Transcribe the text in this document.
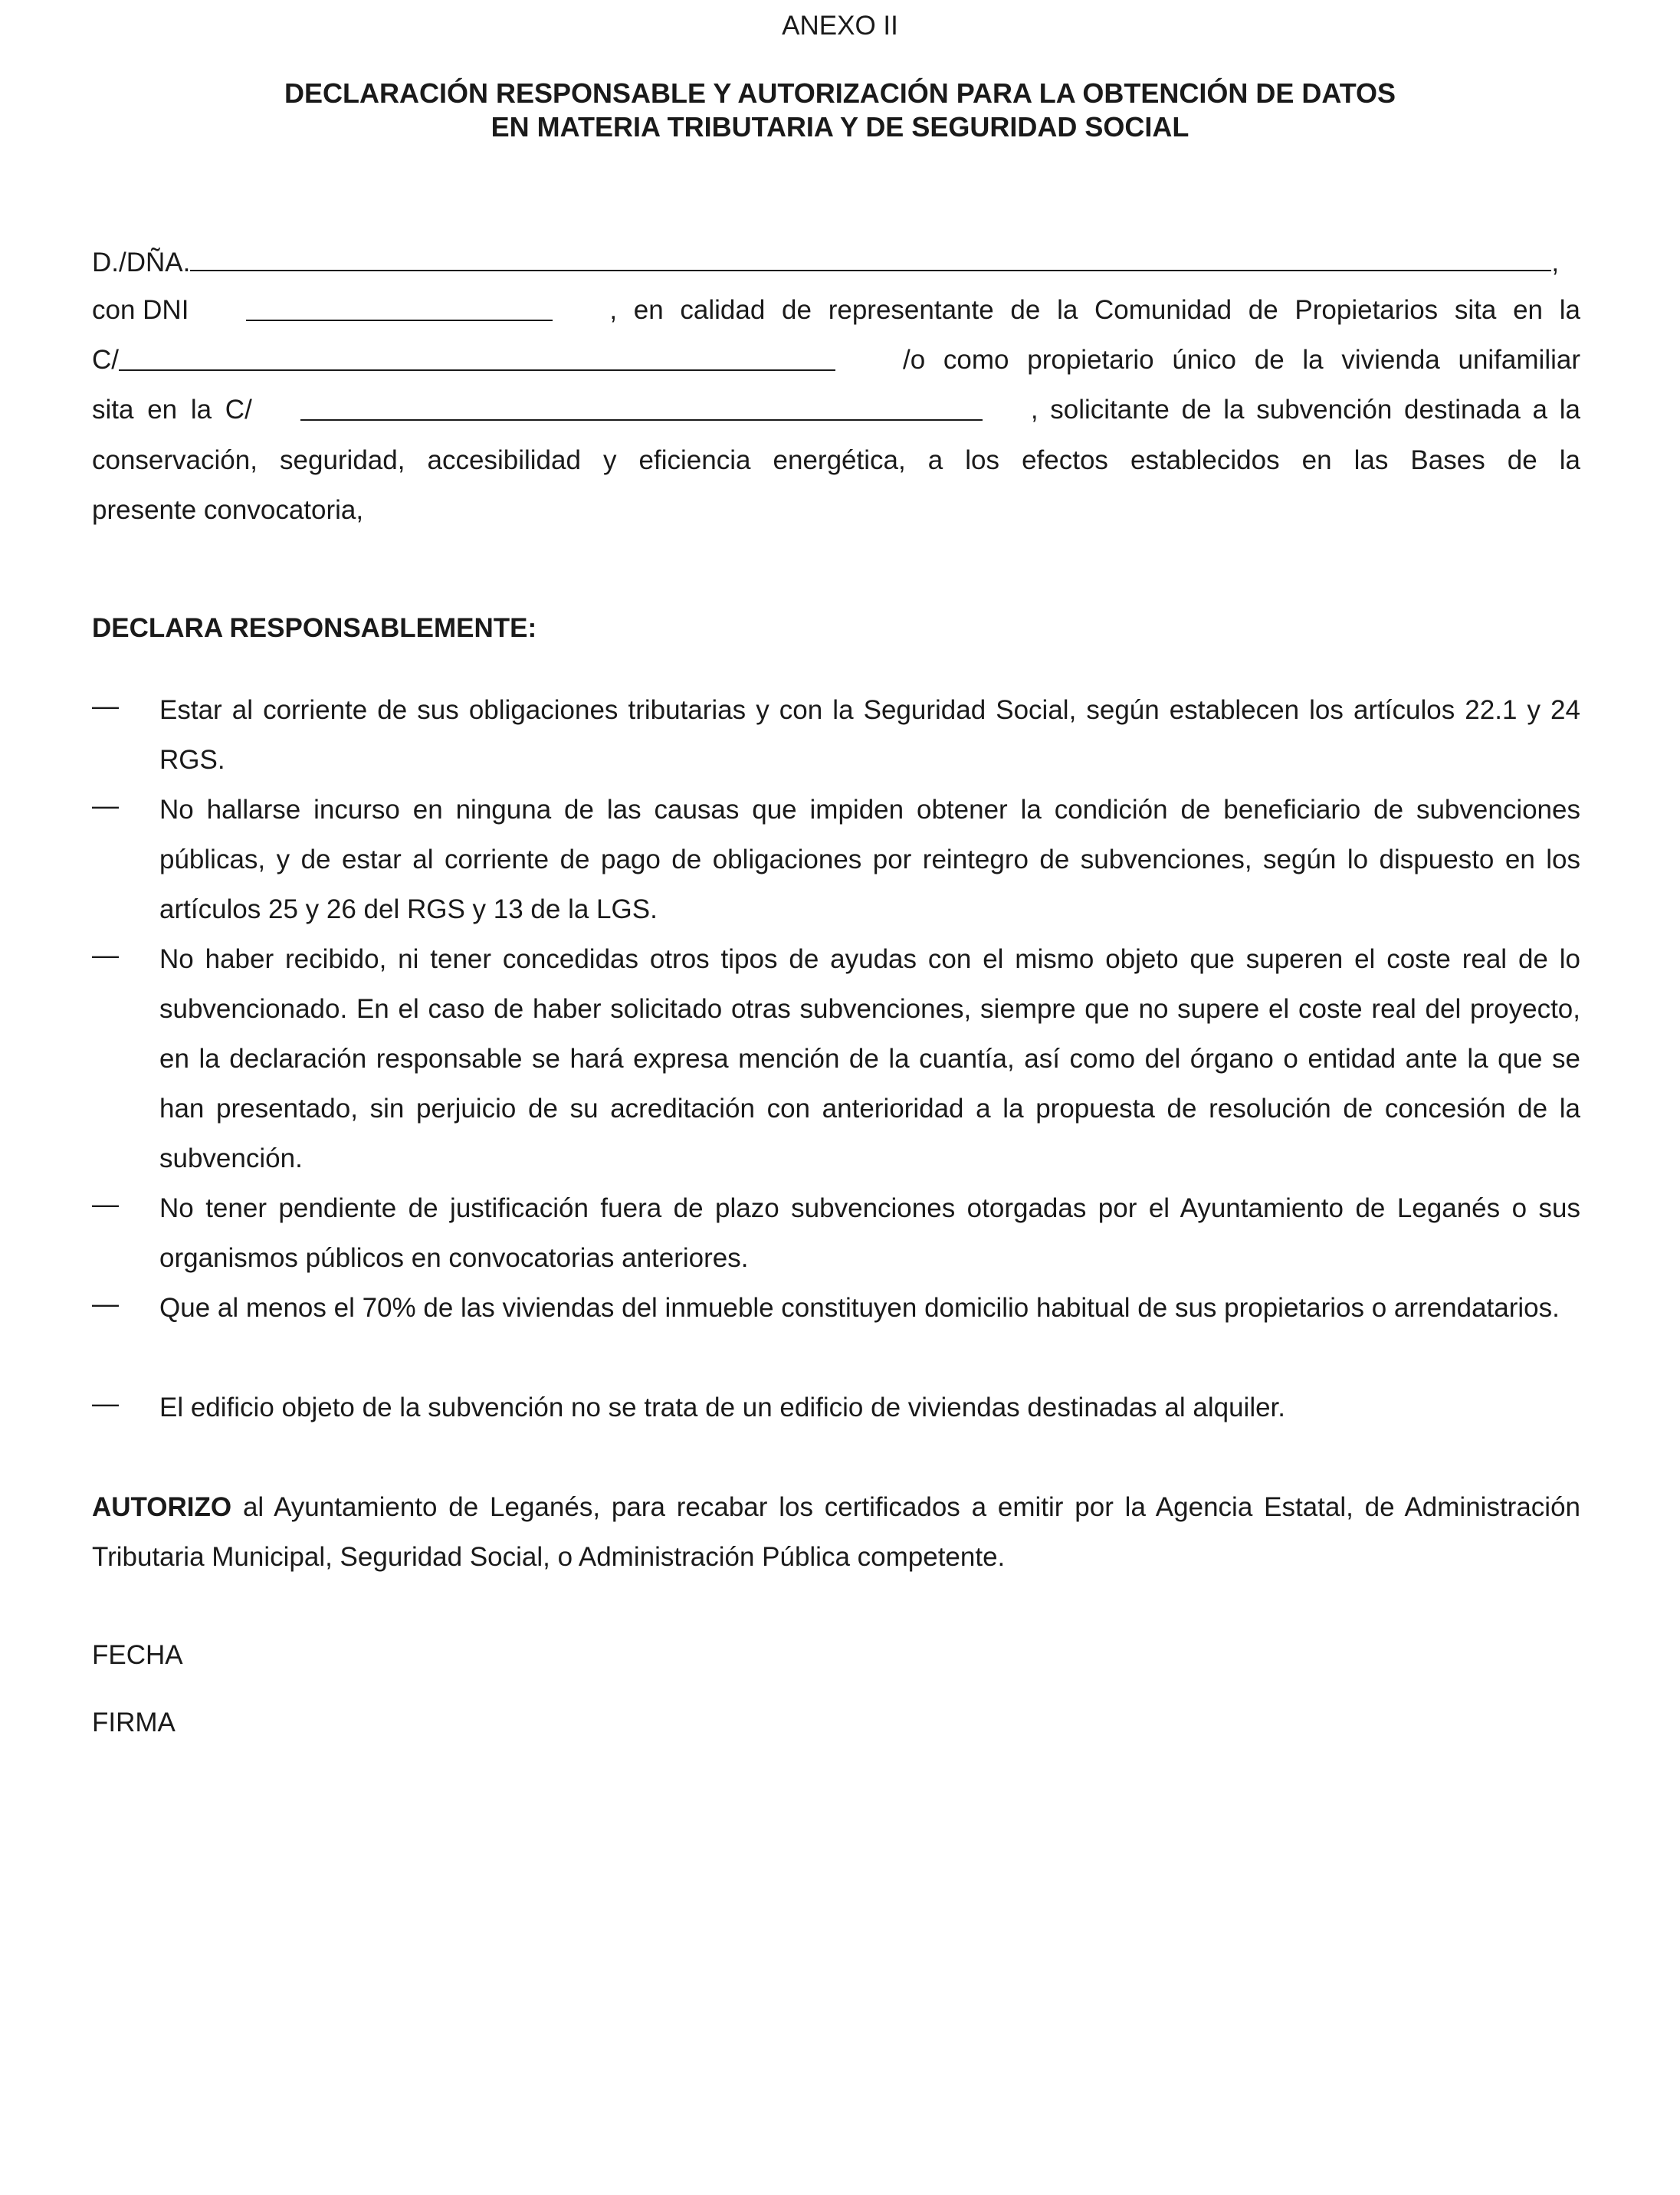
ANEXO II
DECLARACIÓN RESPONSABLE Y AUTORIZACIÓN PARA LA OBTENCIÓN DE DATOS
EN MATERIA TRIBUTARIA Y DE SEGURIDAD SOCIAL
D./DÑA.	,
con DNI	, en calidad de representante de la Comunidad de Propietarios sita en la
C/	/o como propietario único de la vivienda unifamiliar
sita en la C/	, solicitante de la subvención destinada a la
conservación, seguridad, accesibilidad y eficiencia energética, a los efectos establecidos en las Bases de la
presente convocatoria,
DECLARA RESPONSABLEMENTE:
— Estar al corriente de sus obligaciones tributarias y con la Seguridad Social, según establecen los artículos 22.1 y 24 RGS.
— No hallarse incurso en ninguna de las causas que impiden obtener la condición de beneficiario de subvenciones públicas, y de estar al corriente de pago de obligaciones por reintegro de subvenciones, según lo dispuesto en los artículos 25 y 26 del RGS y 13 de la LGS.
— No haber recibido, ni tener concedidas otros tipos de ayudas con el mismo objeto que superen el coste real de lo subvencionado. En el caso de haber solicitado otras subvenciones, siempre que no supere el coste real del proyecto, en la declaración responsable se hará expresa mención de la cuantía, así como del órgano o entidad ante la que se han presentado, sin perjuicio de su acreditación con anterioridad a la propuesta de resolución de concesión de la subvención.
— No tener pendiente de justificación fuera de plazo subvenciones otorgadas por el Ayuntamiento de Leganés o sus organismos públicos en convocatorias anteriores.
— Que al menos el 70% de las viviendas del inmueble constituyen domicilio habitual de sus propietarios o arrendatarios.
— El edificio objeto de la subvención no se trata de un edificio de viviendas destinadas al alquiler.
AUTORIZO al Ayuntamiento de Leganés, para recabar los certificados a emitir por la Agencia Estatal, de Administración Tributaria Municipal, Seguridad Social, o Administración Pública competente.
FECHA
FIRMA
